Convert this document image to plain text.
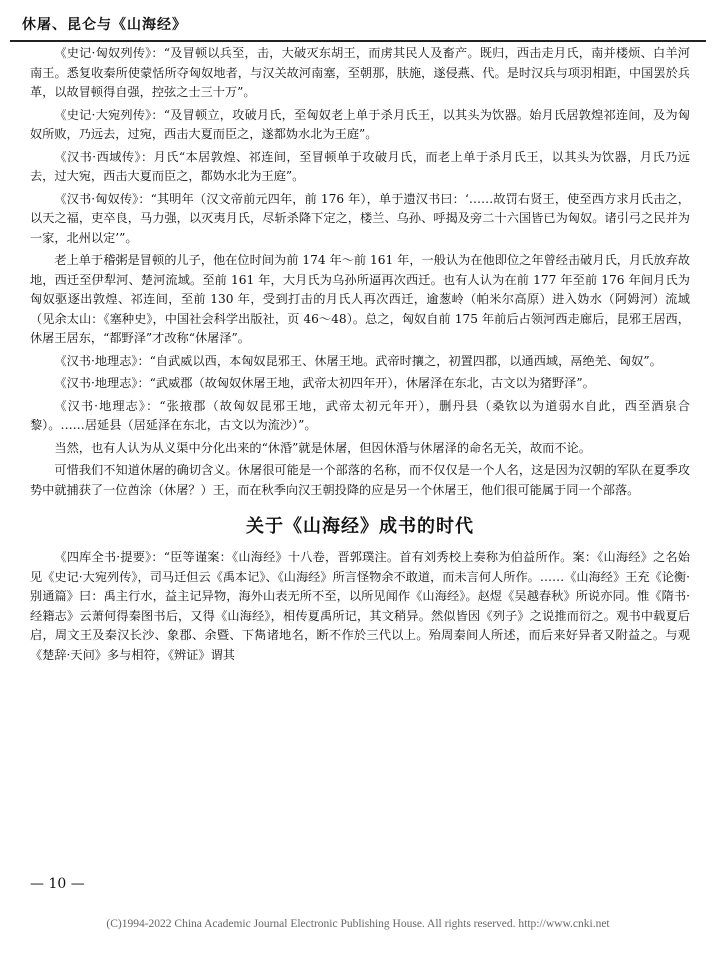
休屠、昆仑与《山海经》

《史记·匈奴列传》：“及冒顿以兵至，击，大破灭东胡王，而虏其民人及畜产。既归，西击走月氏，南并楼烦、白羊河南王。悉复收秦所使蒙恬所夺匈奴地者，与汉关故河南塞，至朝那，肤施，遂侵燕、代。是时汉兵与项羽相距，中国罢於兵革，以故冒顿得自强，控弦之士三十万”。

《史记·大宛列传》：“及冒顿立，攻破月氏，至匈奴老上单于杀月氏王，以其头为饮器。始月氏居敦煌祁连间，及为匈奴所败，乃远去，过宛，西击大夏而臣之，遂都妫水北为王庭”。

《汉书·西域传》：月氏“本居敦煌、祁连间，至冒顿单于攻破月氏，而老上单于杀月氏王，以其头为饮器，月氏乃远去，过大宛，西击大夏而臣之，都妫水北为王庭”。

《汉书·匈奴传》：“其明年（汉文帝前元四年，前 176 年），单于遗汉书曰：‘……故罚右贤王，使至西方求月氏击之，以天之福，吏卒良，马力强，以灭夷月氏，尽斩杀降下定之，楼兰、乌孙、呼揭及旁二十六国皆已为匈奴。诸引弓之民并为一家，北州以定’”。

老上单于稽粥是冒顿的儿子，他在位时间为前 174 年～前 161 年，一般认为在他即位之年曾经击破月氏，月氏放弃故地，西迁至伊犁河、楚河流域。至前 161 年，大月氏为乌孙所逼再次西迁。也有人认为在前 177 年至前 176 年间月氏为匈奴驱逐出敦煌、祁连间，至前 130 年，受到打击的月氏人再次西迁，逾葱岭（帕米尔高原）进入妫水（阿姆河）流域（见余太山：《塞种史》，中国社会科学出版社，页 46～48）。总之，匈奴自前 175 年前后占领河西走廊后，昆邪王居西，休屠王居东，“都野泽”才改称“休屠泽”。

《汉书·地理志》：“自武威以西，本匈奴昆邪王、休屠王地。武帝时攘之，初置四郡，以通西域，鬲绝羌、匈奴”。

《汉书·地理志》：“武威郡（故匈奴休屠王地，武帝太初四年开），休屠泽在东北，古文以为猪野泽”。

《汉书·地理志》：“张掖郡（故匈奴昆邪王地，武帝太初元年开），删丹县（桑钦以为道弱水自此，西至酒泉合黎）。……居延县（居延泽在东北，古文以为流沙）”。

当然，也有人认为从义渠中分化出来的“休涽”就是休屠，但因休涽与休屠泽的命名无关，故而不论。

可惜我们不知道休屠的确切含义。休屠很可能是一个部落的名称，而不仅仅是一个人名，这是因为汉朝的军队在夏季攻势中就捕获了一位酋涂（休屠？）王，而在秋季向汉王朝投降的应是另一个休屠王，他们很可能属于同一个部落。

关于《山海经》成书的时代

《四库全书·提要》：“臣等谨案：《山海经》十八卷，晋郭璞注。首有刘秀校上奏称为伯益所作。案：《山海经》之名始见《史记·大宛列传》，司马迁但云《禹本记》、《山海经》所言怪物余不敢道，而未言何人所作。……《山海经》王充《论衡·别通篇》曰：禹主行水，益主记异物，海外山表无所不至，以所见闻作《山海经》。赵煜《吴越春秋》所说亦同。惟《隋书·经籍志》云萧何得秦图书后，又得《山海经》，相传夏禹所记，其文稍异。然似皆因《列子》之说推而衍之。观书中载夏后启，周文王及秦汉长沙、象郡、余暨、下雋诸地名，断不作於三代以上。殆周秦间人所述，而后来好异者又附益之。与观《楚辞·天问》多与相符，《辨证》谓其

— 10 —
(C)1994-2022 China Academic Journal Electronic Publishing House. All rights reserved. http://www.cnki.net
